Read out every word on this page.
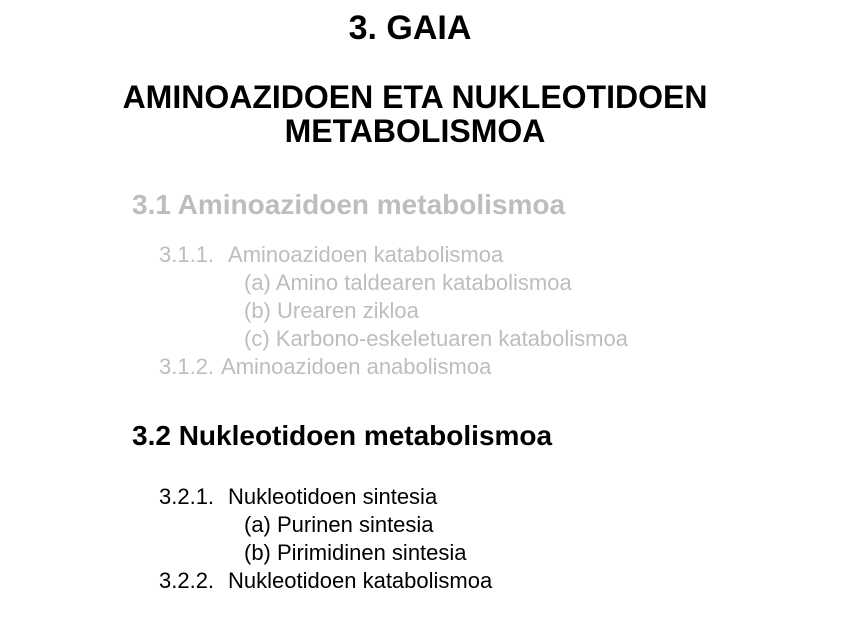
3. GAIA
AMINOAZIDOEN ETA NUKLEOTIDOEN
METABOLISMOA
3.1 Aminoazidoen metabolismoa
3.1.1. Aminoazidoen katabolismoa
(a) Amino taldearen katabolismoa
(b) Urearen zikloa
(c) Karbono-eskeletuaren katabolismoa
3.1.2. Aminoazidoen anabolismoa
3.2 Nukleotidoen metabolismoa
3.2.1. Nukleotidoen sintesia
(a) Purinen sintesia
(b) Pirimidinen sintesia
3.2.2. Nukleotidoen katabolismoa
